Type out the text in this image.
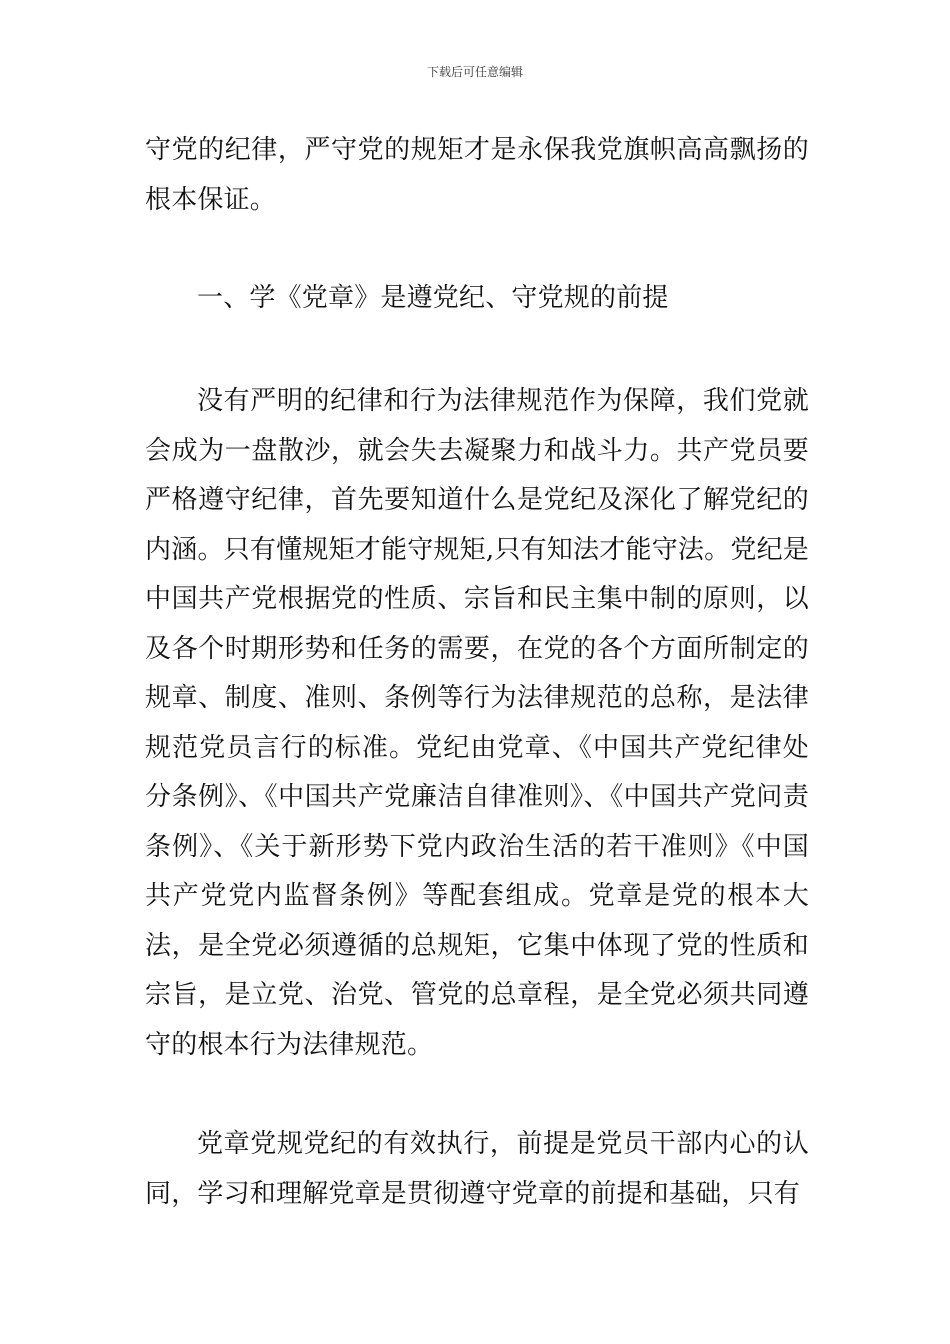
下载后可任意编辑

守党的纪律，严守党的规矩才是永保我党旗帜高高飘扬的根本保证。

一、学《党章》是遵党纪、守党规的前提

没有严明的纪律和行为法律规范作为保障，我们党就会成为一盘散沙，就会失去凝聚力和战斗力。共产党员要严格遵守纪律，首先要知道什么是党纪及深化了解党纪的内涵。只有懂规矩才能守规矩,只有知法才能守法。党纪是中国共产党根据党的性质、宗旨和民主集中制的原则，以及各个时期形势和任务的需要，在党的各个方面所制定的规章、制度、准则、条例等行为法律规范的总称，是法律规范党员言行的标准。党纪由党章、《中国共产党纪律处分条例》、《中国共产党廉洁自律准则》、《中国共产党问责条例》、《关于新形势下党内政治生活的若干准则》《中国共产党党内监督条例》等配套组成。党章是党的根本大法，是全党必须遵循的总规矩，它集中体现了党的性质和宗旨，是立党、治党、管党的总章程，是全党必须共同遵守的根本行为法律规范。

党章党规党纪的有效执行，前提是党员干部内心的认同，学习和理解党章是贯彻遵守党章的前提和基础，只有
